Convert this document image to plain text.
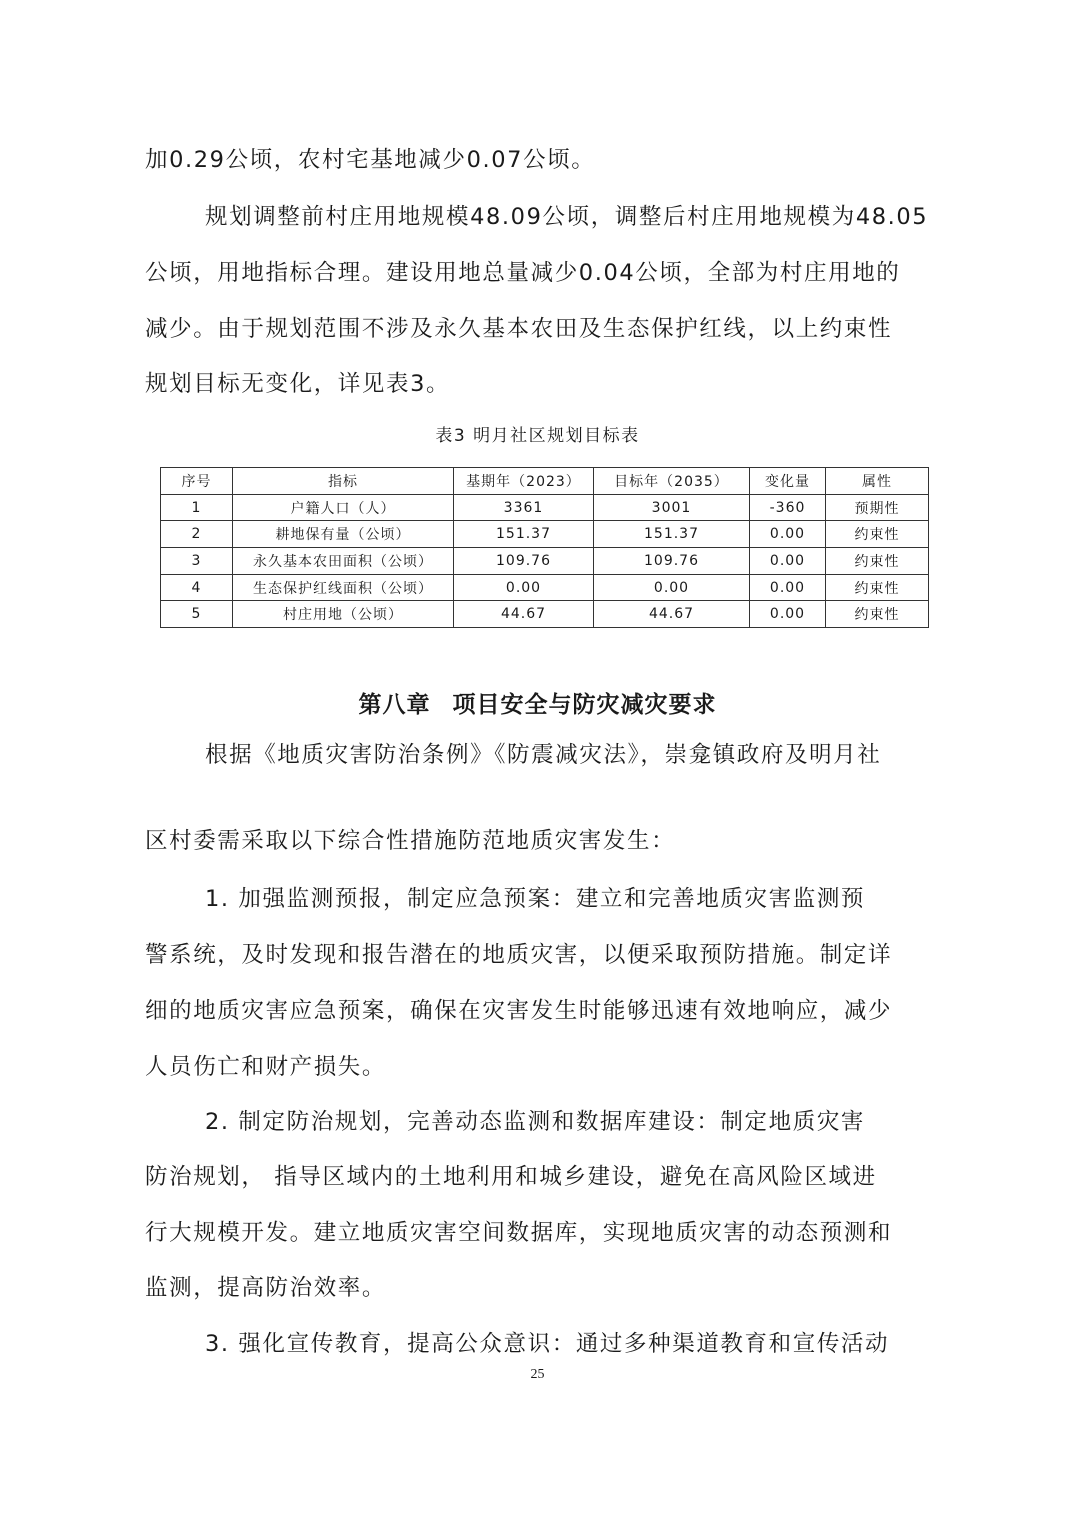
加0.29公顷，农村宅基地减少0.07公顷。
规划调整前村庄用地规模48.09公顷，调整后村庄用地规模为48.05
公顷，用地指标合理。建设用地总量减少0.04公顷，全部为村庄用地的
减少。由于规划范围不涉及永久基本农田及生态保护红线，以上约束性
规划目标无变化，详见表3。
表3 明月社区规划目标表
序号	指标	基期年（2023）	目标年（2035）	变化量	属性
1	户籍人口（人）	3361	3001	-360	预期性
2	耕地保有量（公顷）	151.37	151.37	0.00	约束性
3	永久基本农田面积（公顷）	109.76	109.76	0.00	约束性
4	生态保护红线面积（公顷）	0.00	0.00	0.00	约束性
5	村庄用地（公顷）	44.67	44.67	0.00	约束性
第八章 项目安全与防灾减灾要求
根据《地质灾害防治条例》《防震减灾法》，崇龛镇政府及明月社
区村委需采取以下综合性措施防范地质灾害发生：
1. 加强监测预报，制定应急预案：建立和完善地质灾害监测预
警系统，及时发现和报告潜在的地质灾害，以便采取预防措施。制定详
细的地质灾害应急预案，确保在灾害发生时能够迅速有效地响应，减少
人员伤亡和财产损失。
2. 制定防治规划，完善动态监测和数据库建设：制定地质灾害
防治规划， 指导区域内的土地利用和城乡建设，避免在高风险区域进
行大规模开发。建立地质灾害空间数据库，实现地质灾害的动态预测和
监测，提高防治效率。
3. 强化宣传教育，提高公众意识：通过多种渠道教育和宣传活动
25
